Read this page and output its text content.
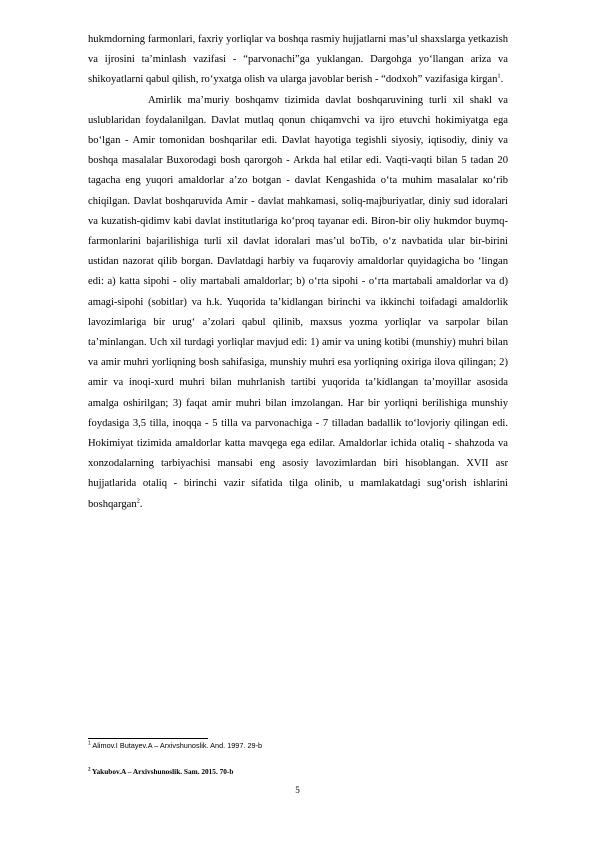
hukmdorning farmonlari, faxriy yorliqlar va boshqa rasmiy hujjatlarni mas’ul shaxslarga yetkazish va ijrosini ta’minlash vazifasi - “parvonachi”ga yuklangan. Dargohga yo‘llangan ariza va shikoyatlarni qabul qilish, ro‘yxatga olish va ularga javoblar berish - “dodxoh” vazifasiga kirgan$^1$.

Amirlik ma’muriy boshqamv tizimida davlat boshqaruvining turli xil shakl va uslublaridan foydalanilgan. Davlat mutlaq qonun chiqamvchi va ijro etuvchi hokimiyatga ega bo‘lgan - Amir tomonidan boshqarilar edi. Davlat hayotiga tegishli siyosiy, iqtisodiy, diniy va boshqa masalalar Buxorodagi bosh qarorgoh - Arkda hal etilar edi. Vaqti-vaqti bilan 5 tadan 20 tagacha eng yuqori amaldorlar a’zo botgan - davlat Kengashida o‘ta muhim masalalar ко‘rib chiqilgan. Davlat boshqaruvida Amir - davlat mahkamasi, soliq-majburiyatlar, diniy sud idoralari va kuzatish-qidimv kabi davlat institutlariga ko‘proq tayanar edi. Biron-bir oliy hukmdor buymq-farmonlarini bajarilishiga turli xil davlat idoralari mas’ul boTib, o‘z navbatida ular bir-birini ustidan nazorat qilib borgan. Davlatdagi harbiy va fuqaroviy amaldorlar quyidagicha bo ‘lingan edi: a) katta sipohi - oliy martabali amaldorlar; b) o‘rta sipohi - o‘rta martabali amaldorlar va d) amagi-sipohi (sobitlar) va h.k. Yuqorida ta’kidlangan birinchi va ikkinchi toifadagi amaldorlik lavozimlariga bir urug‘ a’zolari qabul qilinib, maxsus yozma yorliqlar va sarpolar bilan ta’minlangan. Uch xil turdagi yorliqlar mavjud edi: 1) amir va uning kotibi (munshiy) muhri bilan va amir muhri yorliqning bosh sahifasiga, munshiy muhri esa yorliqning oxiriga ilova qilingan; 2) amir va inoqi-xurd muhri bilan muhrlanish tartibi yuqorida ta’kidlangan ta’moyillar asosida amalga oshirilgan; 3) faqat amir muhri bilan imzolangan. Har bir yorliqni berilishiga munshiy foydasiga 3,5 tilla, inoqqa - 5 tilla va parvonachiga - 7 tilladan badallik to‘lovjoriy qilingan edi. Hokimiyat tizimida amaldorlar katta mavqega ega edilar. Amaldorlar ichida otaliq - shahzoda va xonzodalarning tarbiyachisi mansabi eng asosiy lavozimlardan biri hisoblangan. XVII asr hujjatlarida otaliq - birinchi vazir sifatida tilga olinib, u mamlakatdagi sug‘orish ishlarini boshqargan$^2$.

$^1$ Alimov.I Butayev.A – Arxivshunoslik. And. 1997. 29-b
$^2$ Yakubov.A – Arxivshunoslik. Sam. 2015. 70-b
5
